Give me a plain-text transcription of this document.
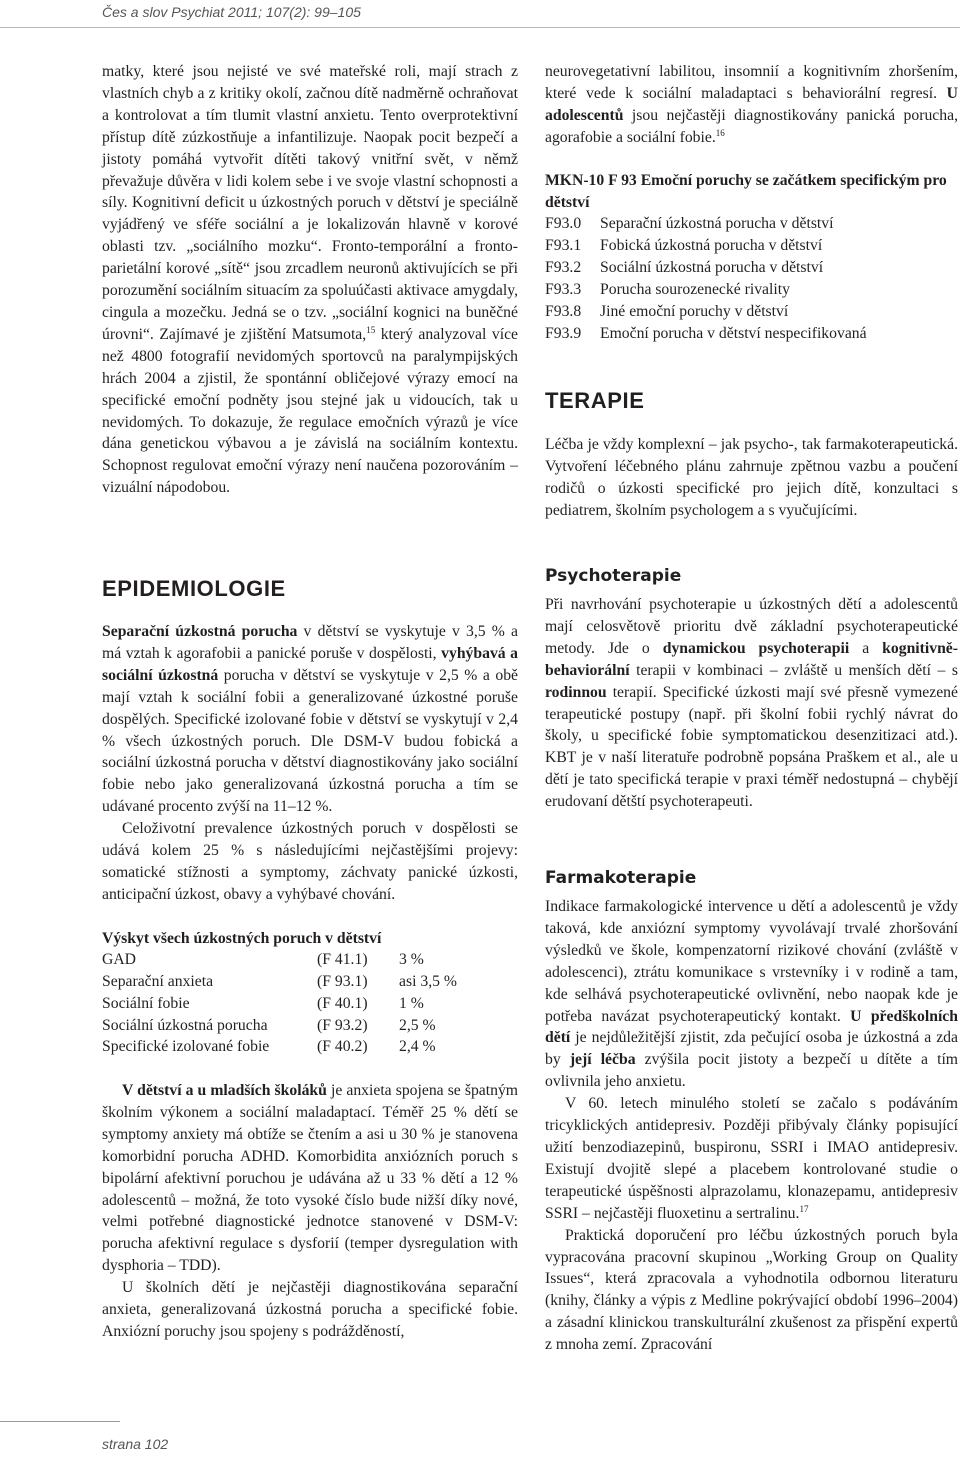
Čes a slov Psychiat 2011; 107(2): 99–105

matky, které jsou nejisté ve své mateřské roli, mají strach z vlastních chyb a z kritiky okolí, začnou dítě nadměrně ochraňovat a kontrolovat a tím tlumit vlastní anxietu. Tento overprotektivní přístup dítě zúzkostňuje a infantilizuje. Naopak pocit bezpečí a jistoty pomáhá vytvořit dítěti takový vnitřní svět, v němž převažuje důvěra v lidi kolem sebe i ve svoje vlastní schopnosti a síly. Kognitivní deficit u úzkostných poruch v dětství je speciálně vyjádřený ve sféře sociální a je lokalizován hlavně v korové oblasti tzv. „sociálního mozku“. Fronto-temporální a fronto-parietální korové „sítě“ jsou zrcadlem neuronů aktivujících se při porozumění sociálním situacím za spoluúčasti aktivace amygdaly, cingula a mozečku. Jedná se o tzv. „sociální kognici na buněčné úrovni“. Zajímavé je zjištění Matsumota,$^{15}$ který analyzoval více než 4800 fotografií nevidomých sportovců na paralympijských hrách 2004 a zjistil, že spontánní obličejové výrazy emocí na specifické emoční podněty jsou stejné jak u vidoucích, tak u nevidomých. To dokazuje, že regulace emočních výrazů je více dána genetickou výbavou a je závislá na sociálním kontextu. Schopnost regulovat emoční výrazy není naučena pozorováním – vizuální nápodobou.

EPIDEMIOLOGIE

Separační úzkostná porucha v dětství se vyskytuje v 3,5 % a má vztah k agorafobii a panické poruše v dospělosti, vyhýbavá a sociální úzkostná porucha v dětství se vyskytuje v 2,5 % a obě mají vztah k sociální fobii a generalizované úzkostné poruše dospělých. Specifické izolované fobie v dětství se vyskytují v 2,4 % všech úzkostných poruch. Dle DSM-V budou fobická a sociální úzkostná porucha v dětství diagnostikovány jako sociální fobie nebo jako generalizovaná úzkostná porucha a tím se udávané procento zvýší na 11–12 %.

Celoživotní prevalence úzkostných poruch v dospělosti se udává kolem 25 % s následujícími nejčastějšími projevy: somatické stížnosti a symptomy, záchvaty panické úzkosti, anticipační úzkost, obavy a vyhýbavé chování.

Výskyt všech úzkostných poruch v dětství
GAD	(F 41.1)	3 %
Separační anxieta	(F 93.1)	asi 3,5 %
Sociální fobie	(F 40.1)	1 %
Sociální úzkostná porucha	(F 93.2)	2,5 %
Specifické izolované fobie	(F 40.2)	2,4 %

V dětství a u mladších školáků je anxieta spojena se špatným školním výkonem a sociální maladaptací. Téměř 25 % dětí se symptomy anxiety má obtíže se čtením a asi u 30 % je stanovena komorbidní porucha ADHD. Komorbidita anxiózních poruch s bipolární afektivní poruchou je udávána až u 33 % dětí a 12 % adolescentů – možná, že toto vysoké číslo bude nižší díky nové, velmi potřebné diagnostické jednotce stanovené v DSM-V: porucha afektivní regulace s dysforií (temper dysregulation with dysphoria – TDD).

U školních dětí je nejčastěji diagnostikována separační anxieta, generalizovaná úzkostná porucha a specifické fobie. Anxiózní poruchy jsou spojeny s podrážděností,

neurovegetativní labilitou, insomnií a kognitivním zhoršením, které vede k sociální maladaptaci s behaviorální regresí. U adolescentů jsou nejčastěji diagnostikovány panická porucha, agorafobie a sociální fobie.$^{16}$

MKN-10 F 93 Emoční poruchy se začátkem specifickým pro dětství
F93.0	Separační úzkostná porucha v dětství
F93.1	Fobická úzkostná porucha v dětství
F93.2	Sociální úzkostná porucha v dětství
F93.3	Porucha sourozenecké rivality
F93.8	Jiné emoční poruchy v dětství
F93.9	Emoční porucha v dětství nespecifikovaná
TERAPIE

Léčba je vždy komplexní – jak psycho-, tak farmakoterapeutická. Vytvoření léčebného plánu zahrnuje zpětnou vazbu a poučení rodičů o úzkosti specifické pro jejich dítě, konzultaci s pediatrem, školním psychologem a s vyučujícími.

Psychoterapie

Při navrhování psychoterapie u úzkostných dětí a adolescentů mají celosvětově prioritu dvě základní psychoterapeutické metody. Jde o dynamickou psychoterapii a kognitivně-behaviorální terapii v kombinaci – zvláště u menších dětí – s rodinnou terapií. Specifické úzkosti mají své přesně vymezené terapeutické postupy (např. při školní fobii rychlý návrat do školy, u specifické fobie symptomatickou desenzitizaci atd.). KBT je v naší literatuře podrobně popsána Praškem et al., ale u dětí je tato specifická terapie v praxi téměř nedostupná – chybějí erudovaní dětští psychoterapeuti.

Farmakoterapie

Indikace farmakologické intervence u dětí a adolescentů je vždy taková, kde anxiózní symptomy vyvolávají trvalé zhoršování výsledků ve škole, kompenzatorní rizikové chování (zvláště v adolescenci), ztrátu komunikace s vrstevníky i v rodině a tam, kde selhává psychoterapeutické ovlivnění, nebo naopak kde je potřeba navázat psychoterapeutický kontakt. U předškolních dětí je nejdůležitější zjistit, zda pečující osoba je úzkostná a zda by její léčba zvýšila pocit jistoty a bezpečí u dítěte a tím ovlivnila jeho anxietu.

V 60. letech minulého století se začalo s podáváním tricyklických antidepresiv. Později přibývaly články popisující užití benzodiazepinů, buspironu, SSRI i IMAO antidepresiv. Existují dvojitě slepé a placebem kontrolované studie o terapeutické úspěšnosti alprazolamu, klonazepamu, antidepresiv SSRI – nejčastěji fluoxetinu a sertralinu.$^{17}$

Praktická doporučení pro léčbu úzkostných poruch byla vypracována pracovní skupinou „Working Group on Quality Issues“, která zpracovala a vyhodnotila odbornou literaturu (knihy, články a výpis z Medline pokrývající období 1996–2004) a zásadní klinickou transkulturální zkušenost za přispění expertů z mnoha zemí. Zpracování

strana 102
